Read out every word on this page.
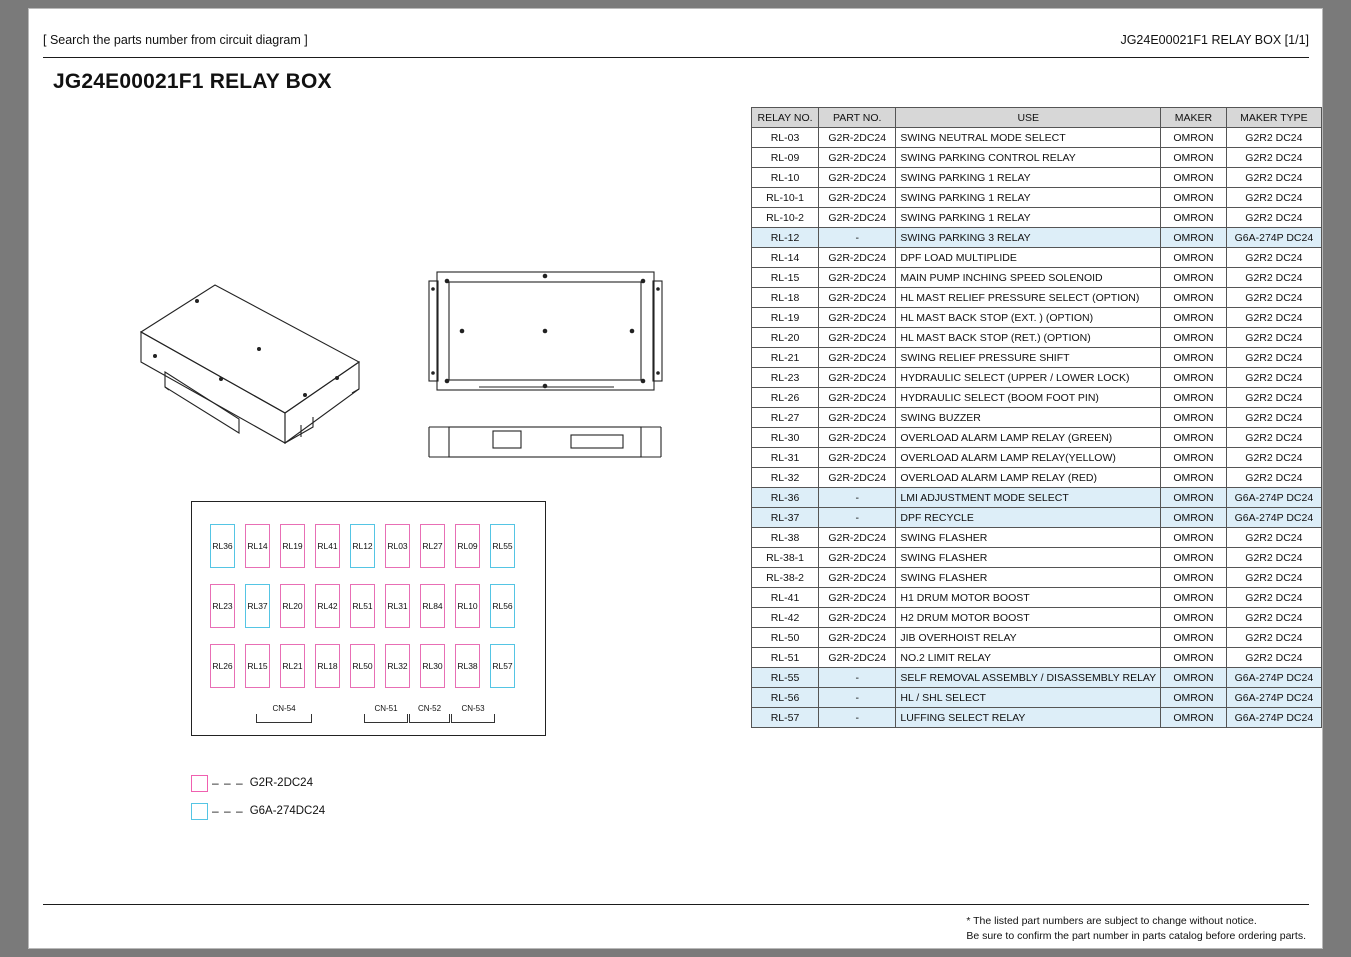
[ Search the parts number from circuit diagram ]	JG24E00021F1 RELAY BOX [1/1]
JG24E00021F1 RELAY BOX
RL36 RL14 RL19 RL41 RL12 RL03 RL27 RL09 RL55
RL23 RL37 RL20 RL42 RL51 RL31 RL84 RL10 RL56
RL26 RL15 RL21 RL18 RL50 RL32 RL30 RL38 RL57
CN-54	CN-51	CN-52	CN-53
– – – G2R-2DC24
– – – G6A-274DC24
RELAY NO.	PART NO.	USE	MAKER	MAKER TYPE
RL-03	G2R-2DC24	SWING NEUTRAL MODE SELECT	OMRON	G2R2 DC24
RL-09	G2R-2DC24	SWING PARKING CONTROL RELAY	OMRON	G2R2 DC24
RL-10	G2R-2DC24	SWING PARKING 1 RELAY	OMRON	G2R2 DC24
RL-10-1	G2R-2DC24	SWING PARKING 1 RELAY	OMRON	G2R2 DC24
RL-10-2	G2R-2DC24	SWING PARKING 1 RELAY	OMRON	G2R2 DC24
RL-12	-	SWING PARKING 3 RELAY	OMRON	G6A-274P DC24
RL-14	G2R-2DC24	DPF LOAD MULTIPLIDE	OMRON	G2R2 DC24
RL-15	G2R-2DC24	MAIN PUMP INCHING SPEED SOLENOID	OMRON	G2R2 DC24
RL-18	G2R-2DC24	HL MAST RELIEF PRESSURE SELECT (OPTION)	OMRON	G2R2 DC24
RL-19	G2R-2DC24	HL MAST BACK STOP (EXT. ) (OPTION)	OMRON	G2R2 DC24
RL-20	G2R-2DC24	HL MAST BACK STOP (RET.) (OPTION)	OMRON	G2R2 DC24
RL-21	G2R-2DC24	SWING RELIEF PRESSURE SHIFT	OMRON	G2R2 DC24
RL-23	G2R-2DC24	HYDRAULIC SELECT (UPPER / LOWER LOCK)	OMRON	G2R2 DC24
RL-26	G2R-2DC24	HYDRAULIC SELECT (BOOM FOOT PIN)	OMRON	G2R2 DC24
RL-27	G2R-2DC24	SWING BUZZER	OMRON	G2R2 DC24
RL-30	G2R-2DC24	OVERLOAD ALARM LAMP RELAY (GREEN)	OMRON	G2R2 DC24
RL-31	G2R-2DC24	OVERLOAD ALARM LAMP RELAY(YELLOW)	OMRON	G2R2 DC24
RL-32	G2R-2DC24	OVERLOAD ALARM LAMP RELAY (RED)	OMRON	G2R2 DC24
RL-36	-	LMI ADJUSTMENT MODE SELECT	OMRON	G6A-274P DC24
RL-37	-	DPF RECYCLE	OMRON	G6A-274P DC24
RL-38	G2R-2DC24	SWING FLASHER	OMRON	G2R2 DC24
RL-38-1	G2R-2DC24	SWING FLASHER	OMRON	G2R2 DC24
RL-38-2	G2R-2DC24	SWING FLASHER	OMRON	G2R2 DC24
RL-41	G2R-2DC24	H1 DRUM MOTOR BOOST	OMRON	G2R2 DC24
RL-42	G2R-2DC24	H2 DRUM MOTOR BOOST	OMRON	G2R2 DC24
RL-50	G2R-2DC24	JIB OVERHOIST RELAY	OMRON	G2R2 DC24
RL-51	G2R-2DC24	NO.2 LIMIT RELAY	OMRON	G2R2 DC24
RL-55	-	SELF REMOVAL ASSEMBLY / DISASSEMBLY RELAY	OMRON	G6A-274P DC24
RL-56	-	HL / SHL SELECT	OMRON	G6A-274P DC24
RL-57	-	LUFFING SELECT RELAY	OMRON	G6A-274P DC24
* The listed part numbers are subject to change without notice.
Be sure to confirm the part number in parts catalog before ordering parts.
